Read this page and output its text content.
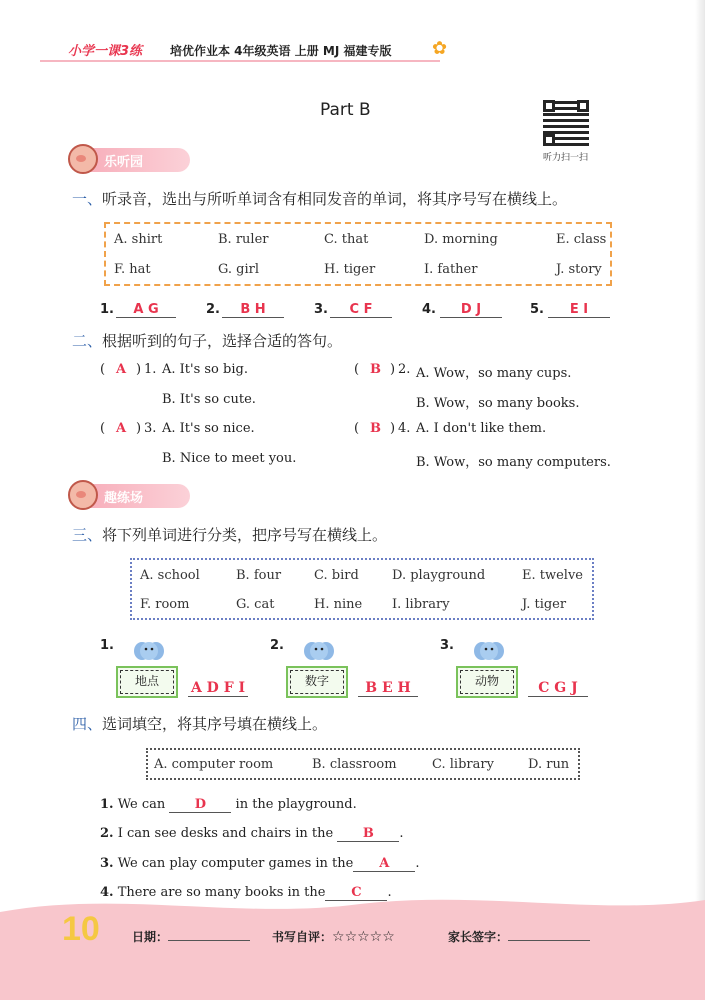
小学一课3练 培优作业本 4年级英语 上册 MJ 福建专版 ✿
Part B
听力扫一扫
乐听园
一、听录音，选出与所听单词含有相同发音的单词，将其序号写在横线上。
A. shirt	B. ruler	C. that	D. morning	E. class
F. hat	G. girl	H. tiger	I. father	J. story
1.	A G	2.	B H	3.	C F	4.	D J	5.	E I
二、根据听到的句子，选择合适的答句。
( A ) 1. A. It's so big.
B. It's so cute.
( B ) 2. A. Wow，so many cups.
B. Wow，so many books.
( A ) 3. A. It's so nice.
B. Nice to meet you.
( B ) 4. A. I don't like them.
B. Wow，so many computers.
趣练场
三、将下列单词进行分类，把序号写在横线上。
A. school	B. four	C. bird	D. playground	E. twelve
F. room	G. cat	H. nine I. library	J. tiger
1.
地点	A D F I
2.
数字	B E H
3.
动物	C G J
四、选词填空，将其序号填在横线上。
A. computer room	B. classroom	C. library	D. run
1. We can D in the playground.
2. I can see desks and chairs in the B .
3. We can play computer games in the A .
4. There are so many books in the C .
10	日期：	书写自评：☆☆☆☆☆	家长签字：
